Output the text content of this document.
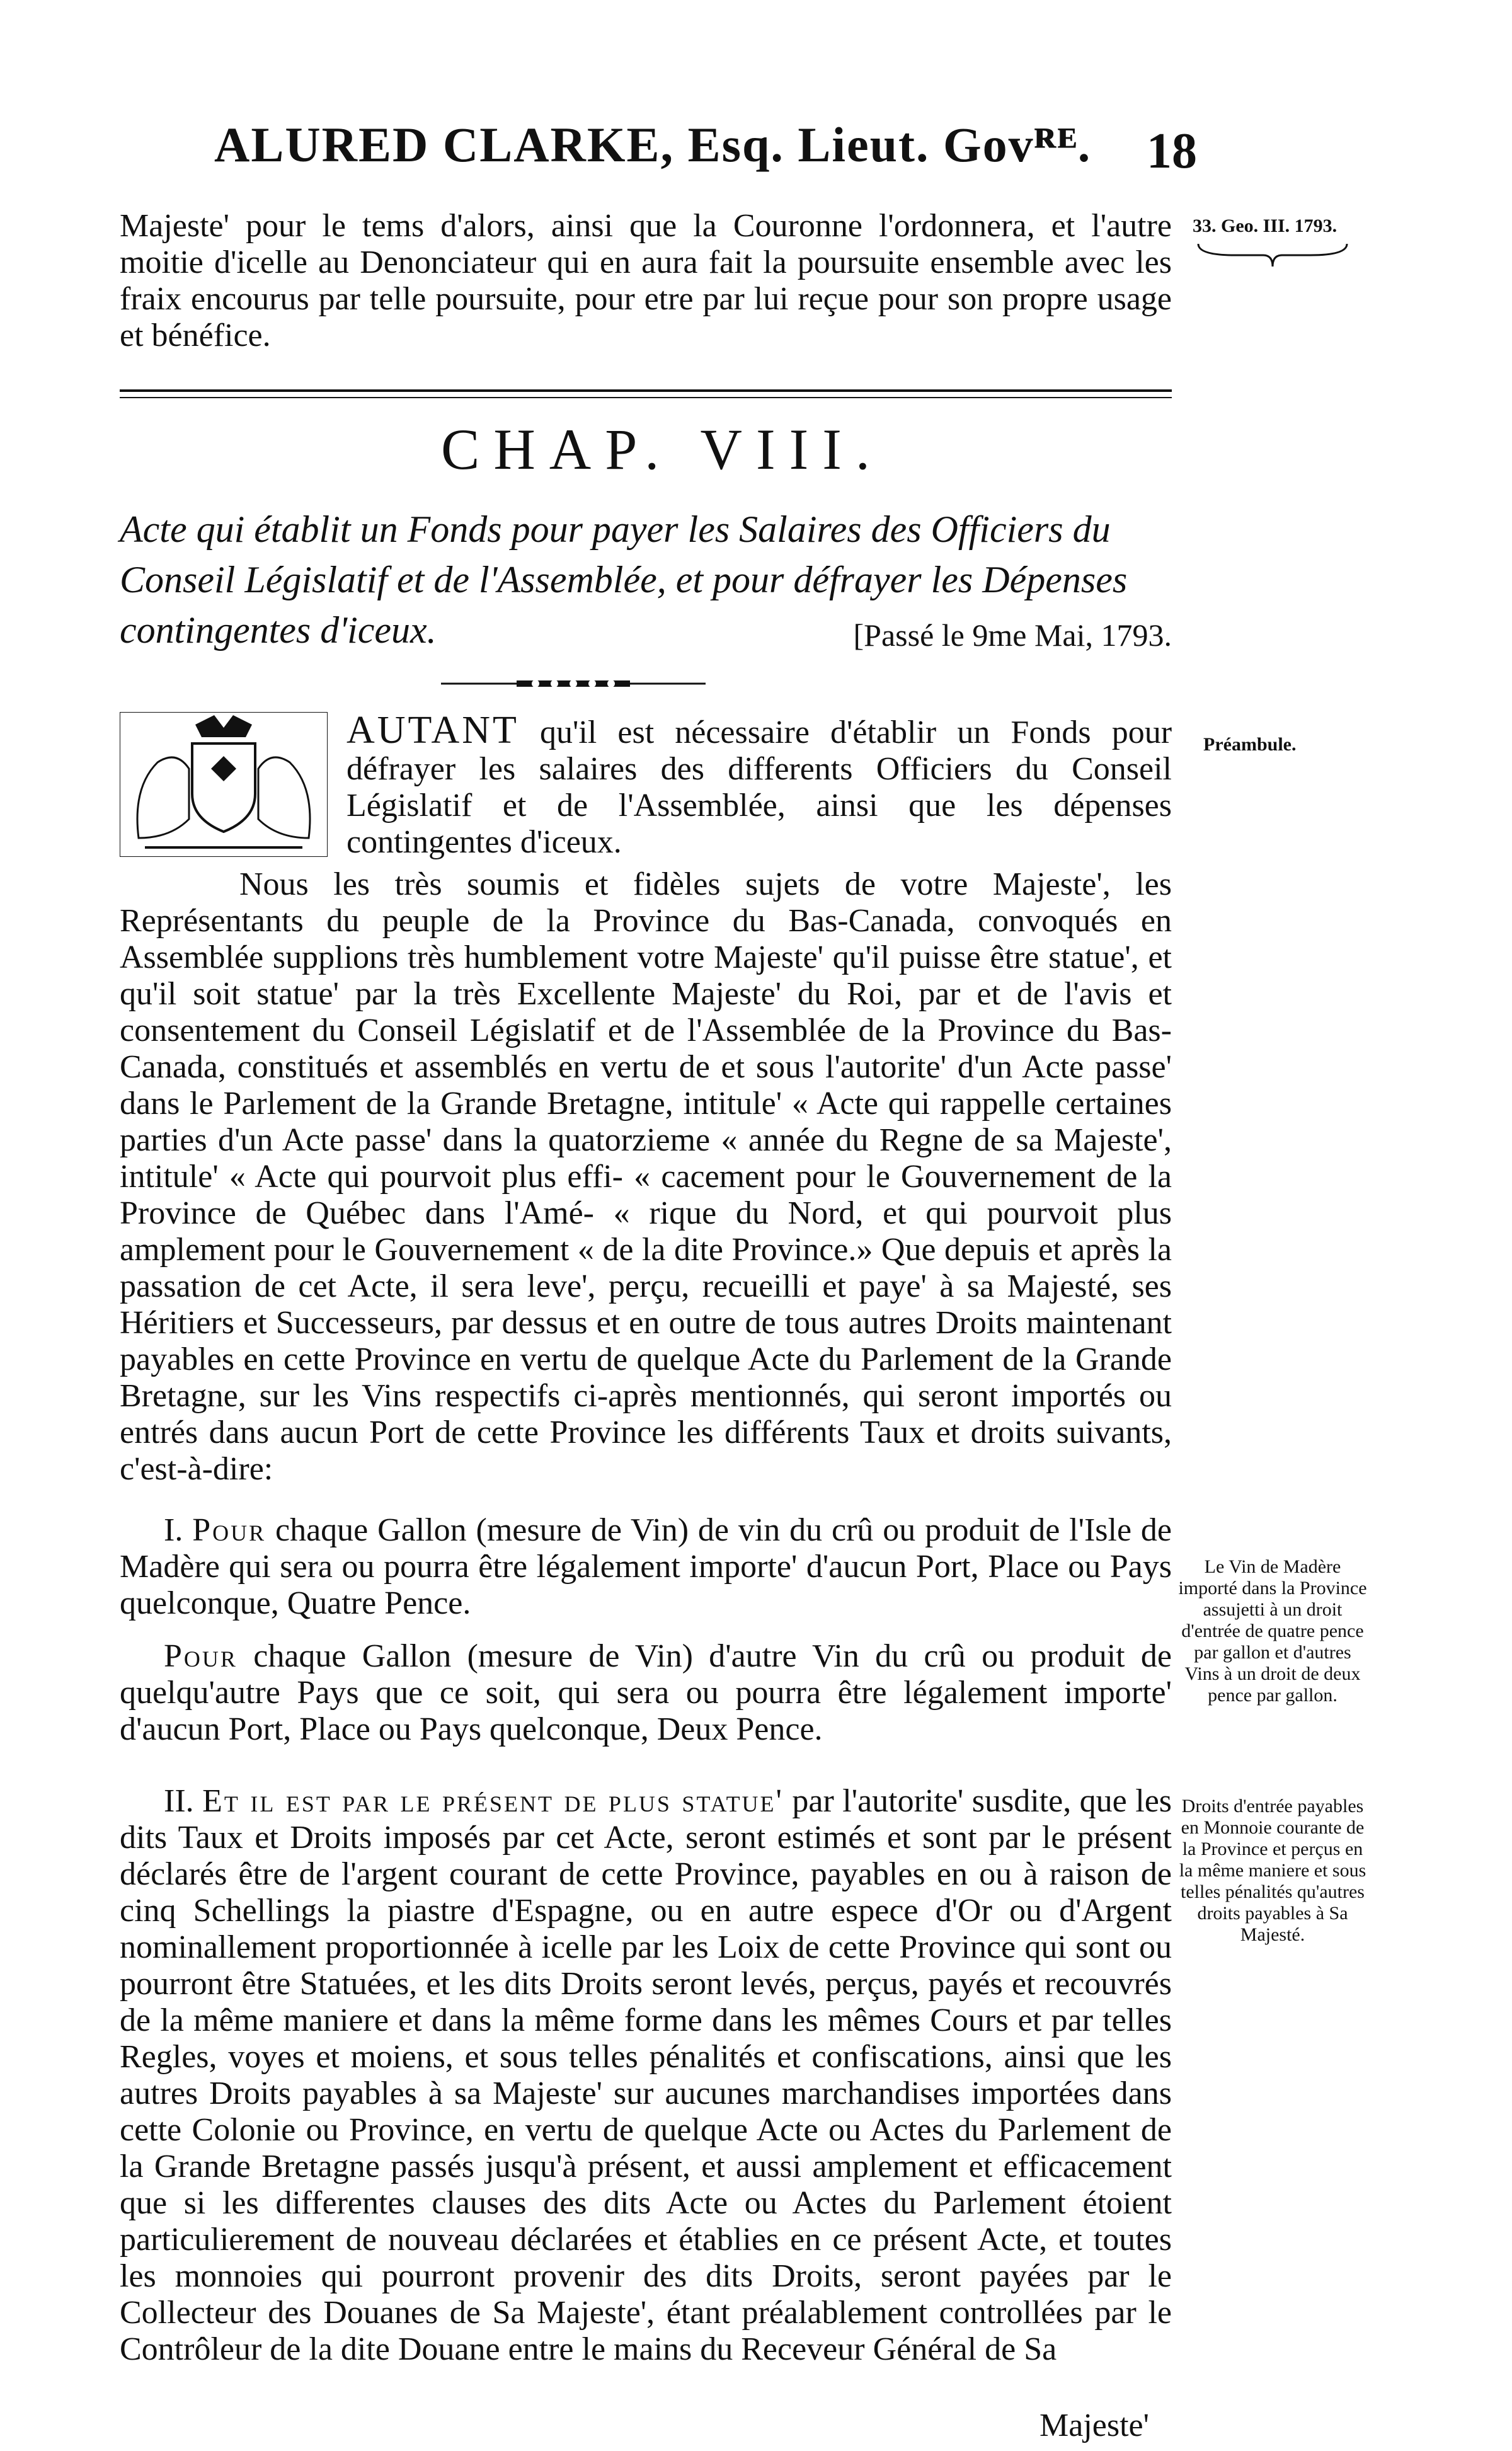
ALURED CLARKE, Esq. Lieut. Govᴿᴱ. 18
33. Geo. III. 1793.
Majeste' pour le tems d'alors, ainsi que la Couronne l'ordonnera, et l'autre moitie d'icelle au Denonciateur qui en aura fait la poursuite ensemble avec les fraix encourus par telle poursuite, pour etre par lui reçue pour son propre usage et bénéfice.
CHAP. VIII.
Acte qui établit un Fonds pour payer les Salaires des Officiers du Conseil Législatif et de l'Assemblée, et pour défrayer les Dépenses contingentes d'iceux.	[Passé le 9me Mai, 1793.
AUTANT qu'il est nécessaire d'établir un Fonds pour défrayer les salaires des differents Officiers du Conseil Législatif et de l'Assemblée, ainsi que les dépenses contingentes d'iceux.
Nous les très soumis et fidèles sujets de votre Majeste', les Représentants du peuple de la Province du Bas-Canada, convoqués en Assemblée supplions très humblement votre Majeste' qu'il puisse être statue', et qu'il soit statue' par la très Excellente Majeste' du Roi, par et de l'avis et consentement du Conseil Législatif et de l'Assemblée de la Province du Bas-Canada, constitués et assemblés en vertu de et sous l'autorite' d'un Acte passe' dans le Parlement de la Grande Bretagne, intitule' « Acte qui rappelle certaines parties d'un Acte passe' dans la quatorzieme « année du Regne de sa Majeste', intitule' « Acte qui pourvoit plus effi- « cacement pour le Gouvernement de la Province de Québec dans l'Amé- « rique du Nord, et qui pourvoit plus amplement pour le Gouvernement « de la dite Province.» Que depuis et après la passation de cet Acte, il sera leve', perçu, recueilli et paye' à sa Majesté, ses Héritiers et Successeurs, par dessus et en outre de tous autres Droits maintenant payables en cette Province en vertu de quelque Acte du Parlement de la Grande Bretagne, sur les Vins respectifs ci-après mentionnés, qui seront importés ou entrés dans aucun Port de cette Province les différents Taux et droits suivants, c'est-à-dire:
I. Pour chaque Gallon (mesure de Vin) de vin du crû ou produit de l'Isle de Madère qui sera ou pourra être légalement importe' d'aucun Port, Place ou Pays quelconque, Quatre Pence.
Pour chaque Gallon (mesure de Vin) d'autre Vin du crû ou produit de quelqu'autre Pays que ce soit, qui sera ou pourra être légalement importe' d'aucun Port, Place ou Pays quelconque, Deux Pence.
II. Et il est par le présent de plus statue' par l'autorite' susdite, que les dits Taux et Droits imposés par cet Acte, seront estimés et sont par le présent déclarés être de l'argent courant de cette Province, payables en ou à raison de cinq Schellings la piastre d'Espagne, ou en autre espece d'Or ou d'Argent nominallement proportionnée à icelle par les Loix de cette Province qui sont ou pourront être Statuées, et les dits Droits seront levés, perçus, payés et recouvrés de la même maniere et dans la même forme dans les mêmes Cours et par telles Regles, voyes et moiens, et sous telles pénalités et confiscations, ainsi que les autres Droits payables à sa Majeste' sur aucunes marchandises importées dans cette Colonie ou Province, en vertu de quelque Acte ou Actes du Parlement de la Grande Bretagne passés jusqu'à présent, et aussi amplement et efficacement que si les differentes clauses des dits Acte ou Actes du Parlement étoient particulierement de nouveau déclarées et établies en ce présent Acte, et toutes les monnoies qui pourront provenir des dits Droits, seront payées par le Collecteur des Douanes de Sa Majeste', étant préalablement controllées par le Contrôleur de la dite Douane entre le mains du Receveur Général de Sa
Majeste'
Préambule.
Le Vin de Madère importé dans la Province assujetti à un droit d'entrée de quatre pence par gallon et d'autres Vins à un droit de deux pence par gallon.
Droits d'entrée payables en Monnoie courante de la Province et perçus en la même maniere et sous telles pénalités qu'autres droits payables à Sa Majesté.
